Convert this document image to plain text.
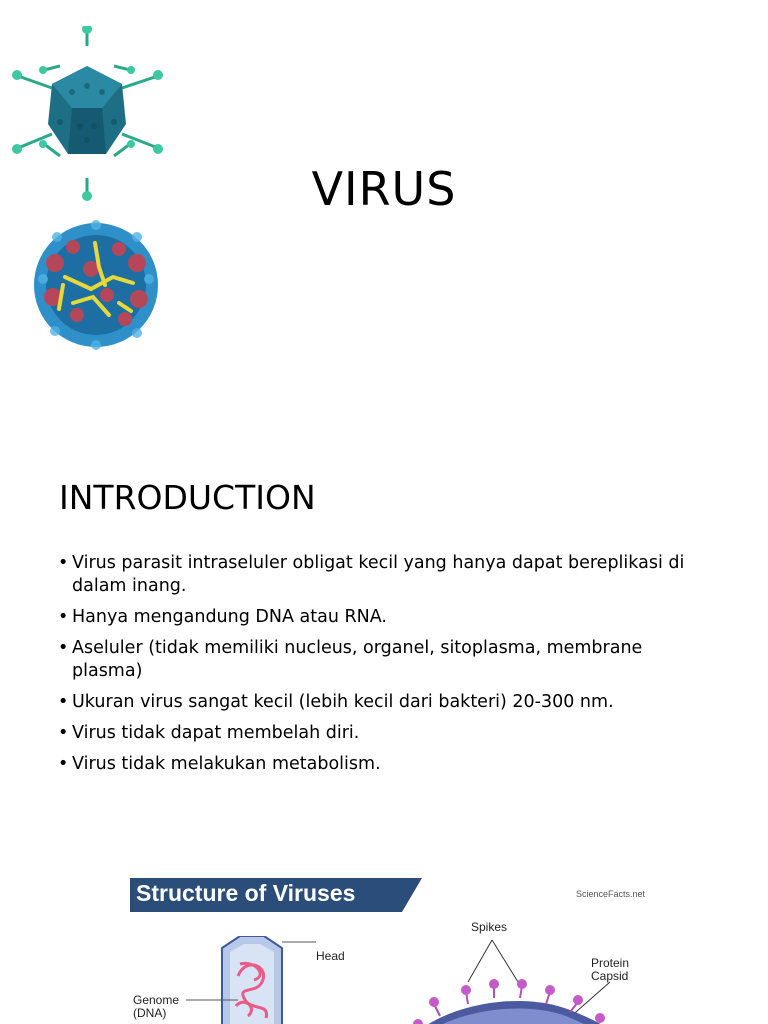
VIRUS
INTRODUCTION
• Virus parasit intraseluler obligat kecil yang hanya dapat bereplikasi di dalam inang.
• Hanya mengandung DNA atau RNA.
• Aseluler (tidak memiliki nucleus, organel, sitoplasma, membrane plasma)
• Ukuran virus sangat kecil (lebih kecil dari bakteri) 20-300 nm.
• Virus tidak dapat membelah diri.
• Virus tidak melakukan metabolism.
Structure of Viruses	ScienceFacts.net
Head
Genome
(DNA)
Spikes
Protein
Capsid
